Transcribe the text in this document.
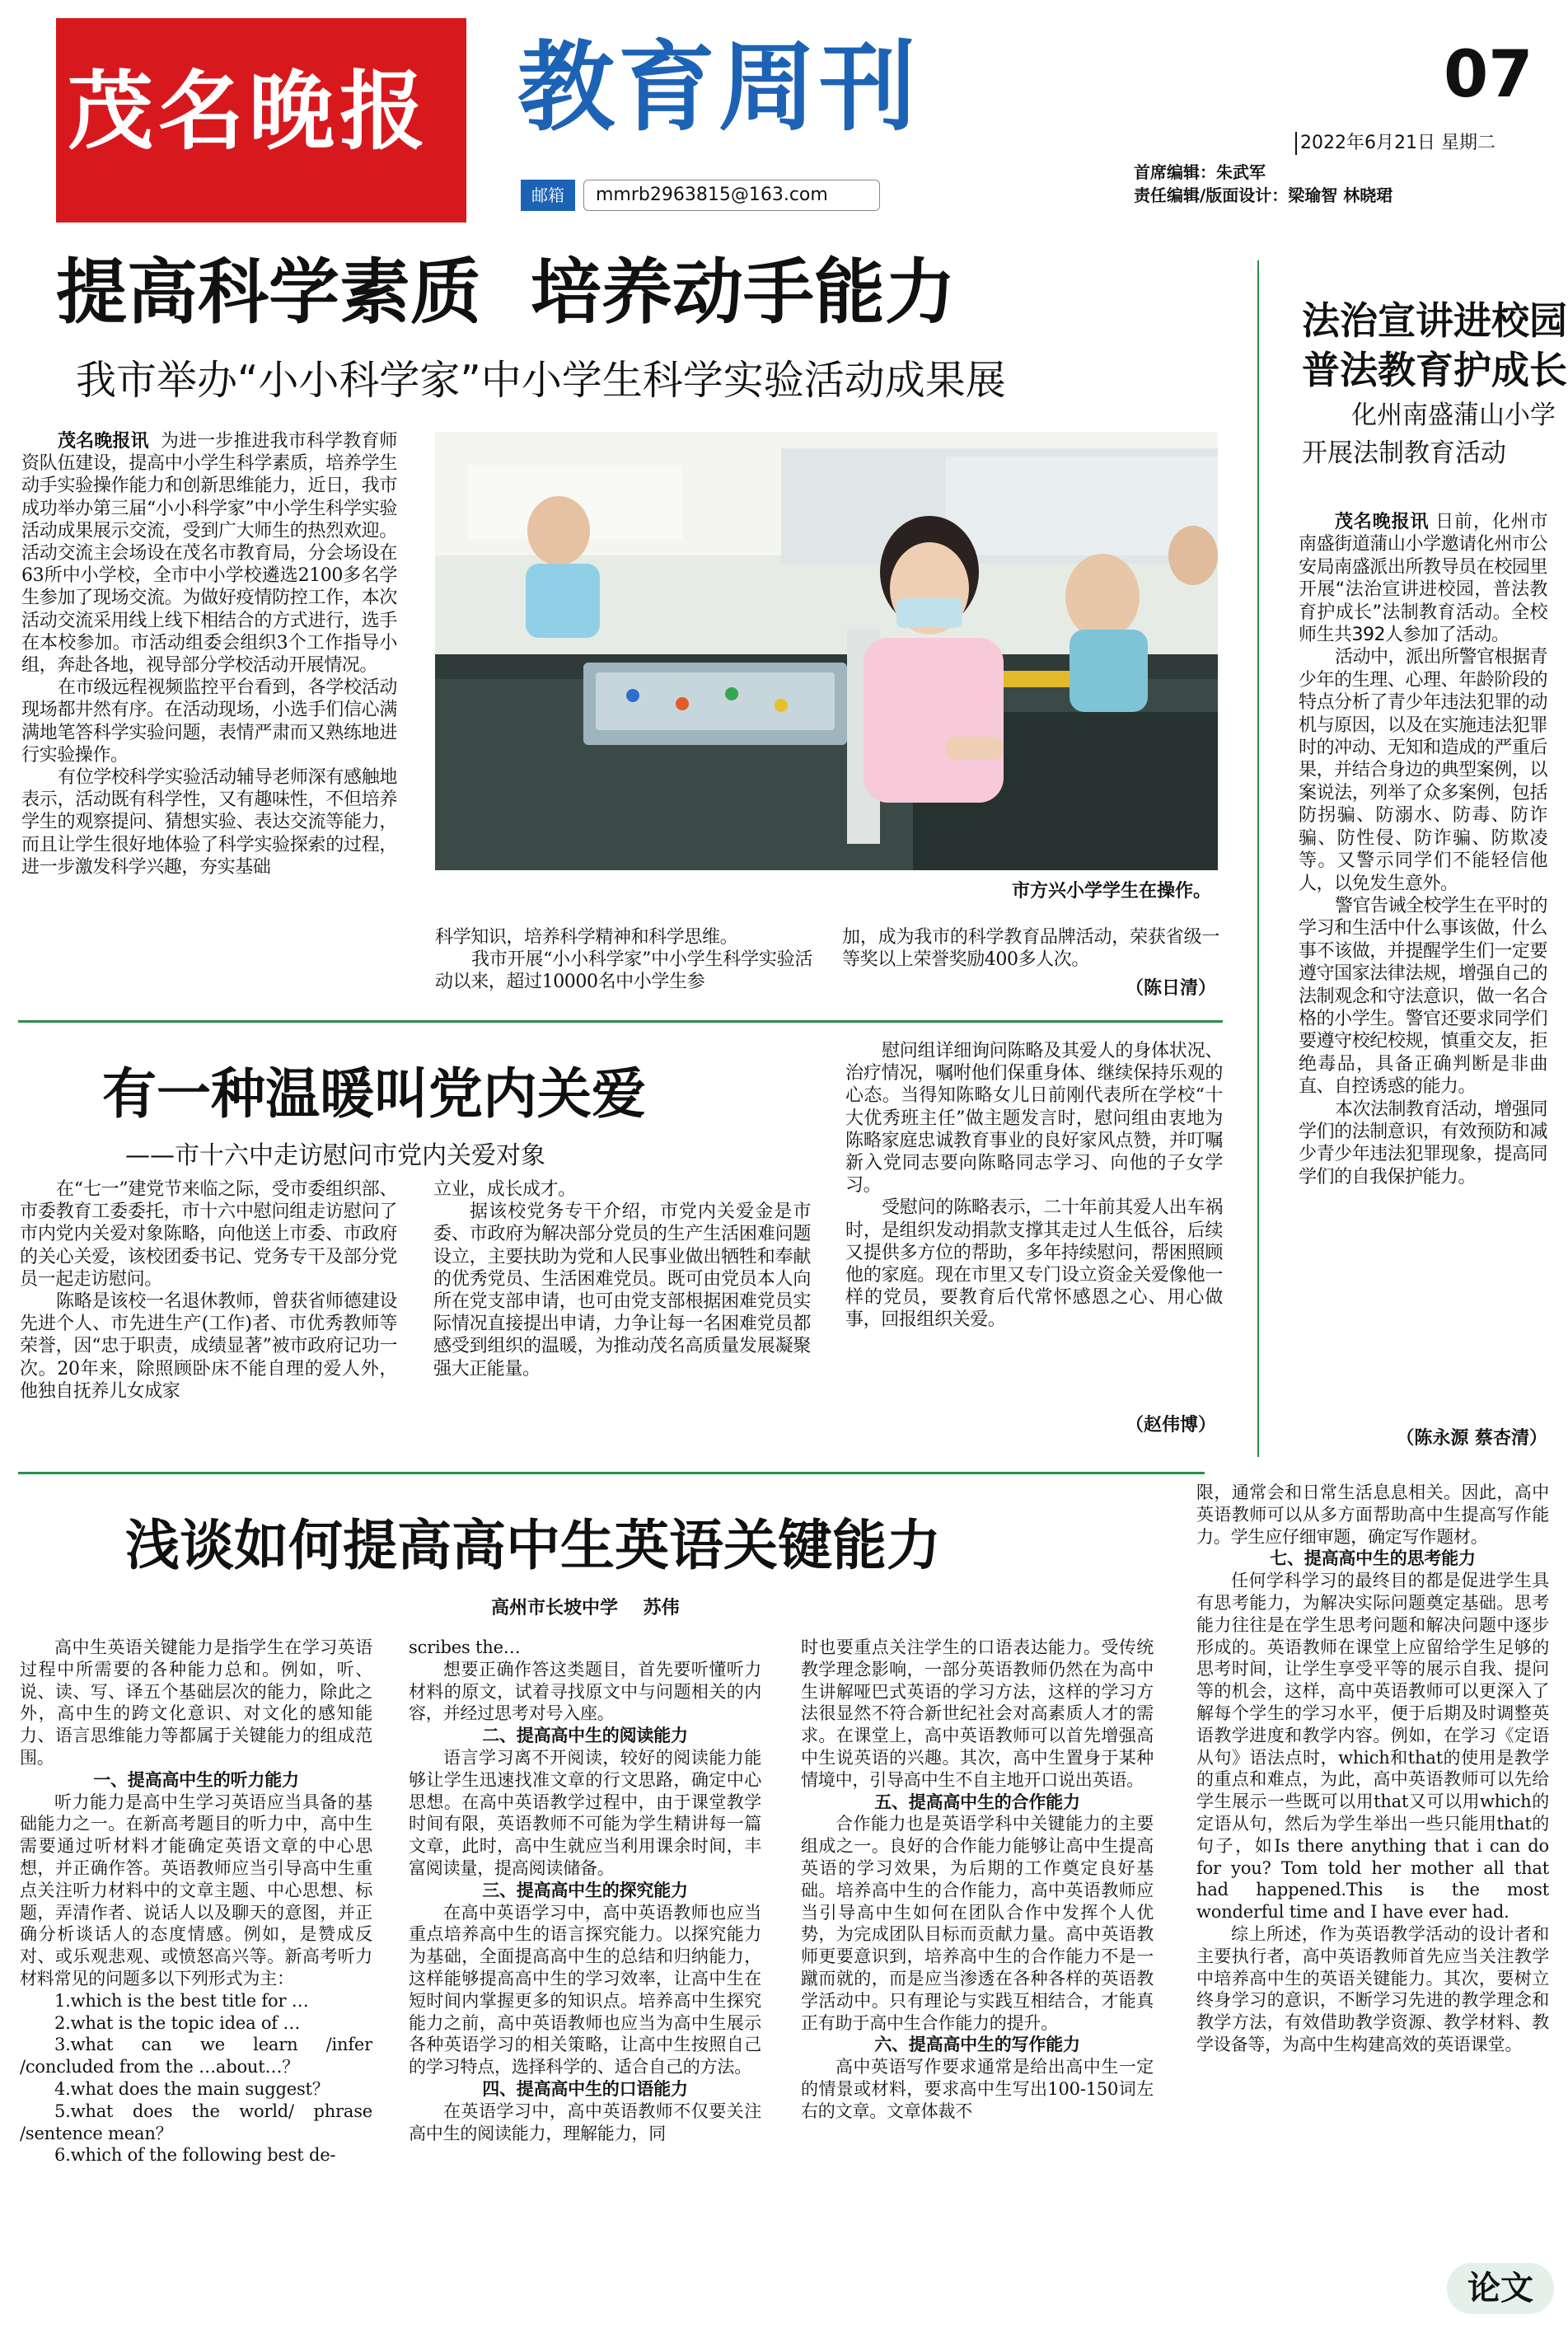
茂名晚报 教育周刊
邮箱	mmrb2963815@163.com
07
2022年6月21日 星期二
首席编辑：朱武军
责任编辑/版面设计：梁瑜智 林晓珺
提高科学素质  培养动手能力
我市举办“小小科学家”中小学生科学实验活动成果展

茂名晚报讯 为进一步推进我市科学教育师资队伍建设，提高中小学生科学素质，培养学生动手实验操作能力和创新思维能力，近日，我市成功举办第三届“小小科学家”中小学生科学实验活动成果展示交流，受到广大师生的热烈欢迎。活动交流主会场设在茂名市教育局，分会场设在63所中小学校，全市中小学校遴选2100多名学生参加了现场交流。为做好疫情防控工作，本次活动交流采用线上线下相结合的方式进行，选手在本校参加。市活动组委会组织3个工作指导小组，奔赴各地，视导部分学校活动开展情况。

在市级远程视频监控平台看到，各学校活动现场都井然有序。在活动现场，小选手们信心满满地笔答科学实验问题，表情严肃而又熟练地进行实验操作。

有位学校科学实验活动辅导老师深有感触地表示，活动既有科学性，又有趣味性，不但培养学生的观察提问、猜想实验、表达交流等能力，而且让学生很好地体验了科学实验探索的过程，进一步激发科学兴趣，夯实基础

市方兴小学学生在操作。

科学知识，培养科学精神和科学思维。

我市开展“小小科学家”中小学生科学实验活动以来，超过10000名中小学生参

加，成为我市的科学教育品牌活动，荣获省级一等奖以上荣誉奖励400多人次。

（陈日清）
有一种温暖叫党内关爱
——市十六中走访慰问市党内关爱对象

在“七一”建党节来临之际，受市委组织部、市委教育工委委托，市十六中慰问组走访慰问了市内党内关爱对象陈略，向他送上市委、市政府的关心关爱，该校团委书记、党务专干及部分党员一起走访慰问。

陈略是该校一名退休教师，曾获省师德建设先进个人、市先进生产(工作)者、市优秀教师等荣誉，因“忠于职责，成绩显著”被市政府记功一次。20年来，除照顾卧床不能自理的爱人外，他独自抚养儿女成家

立业，成长成才。

据该校党务专干介绍，市党内关爱金是市委、市政府为解决部分党员的生产生活困难问题设立，主要扶助为党和人民事业做出牺牲和奉献的优秀党员、生活困难党员。既可由党员本人向所在党支部申请，也可由党支部根据困难党员实际情况直接提出申请，力争让每一名困难党员都感受到组织的温暖，为推动茂名高质量发展凝聚强大正能量。

慰问组详细询问陈略及其爱人的身体状况、治疗情况，嘱咐他们保重身体、继续保持乐观的心态。当得知陈略女儿日前刚代表所在学校“十大优秀班主任”做主题发言时，慰问组由衷地为陈略家庭忠诚教育事业的良好家风点赞，并叮嘱新入党同志要向陈略同志学习、向他的子女学习。

受慰问的陈略表示，二十年前其爱人出车祸时，是组织发动捐款支撑其走过人生低谷，后续又提供多方位的帮助，多年持续慰问，帮困照顾他的家庭。现在市里又专门设立资金关爱像他一样的党员，要教育后代常怀感恩之心、用心做事，回报组织关爱。

（赵伟博）
法治宣讲进校园
普法教育护成长
化州南盛蒲山小学
开展法制教育活动

茂名晚报讯 日前，化州市南盛街道蒲山小学邀请化州市公安局南盛派出所教导员在校园里开展“法治宣讲进校园，普法教育护成长”法制教育活动。全校师生共392人参加了活动。

活动中，派出所警官根据青少年的生理、心理、年龄阶段的特点分析了青少年违法犯罪的动机与原因，以及在实施违法犯罪时的冲动、无知和造成的严重后果，并结合身边的典型案例，以案说法，列举了众多案例，包括防拐骗、防溺水、防毒、防诈骗、防性侵、防诈骗、防欺凌等。又警示同学们不能轻信他人，以免发生意外。

警官告诫全校学生在平时的学习和生活中什么事该做，什么事不该做，并提醒学生们一定要遵守国家法律法规，增强自己的法制观念和守法意识，做一名合格的小学生。警官还要求同学们要遵守校纪校规，慎重交友，拒绝毒品，具备正确判断是非曲直、自控诱惑的能力。

本次法制教育活动，增强同学们的法制意识，有效预防和减少青少年违法犯罪现象，提高同学们的自我保护能力。

（陈永源 蔡杏清）
浅谈如何提高高中生英语关键能力
高州市长坡中学    苏伟

高中生英语关键能力是指学生在学习英语过程中所需要的各种能力总和。例如，听、说、读、写、译五个基础层次的能力，除此之外，高中生的跨文化意识、对文化的感知能力、语言思维能力等都属于关键能力的组成范围。

一、提高高中生的听力能力

听力能力是高中生学习英语应当具备的基础能力之一。在新高考题目的听力中，高中生需要通过听材料才能确定英语文章的中心思想，并正确作答。英语教师应当引导高中生重点关注听力材料中的文章主题、中心思想、标题，弄清作者、说话人以及聊天的意图，并正确分析谈话人的态度情感。例如，是赞成反对、或乐观悲观、或愤怒高兴等。新高考听力材料常见的问题多以下列形式为主：

1.which is the best title for …

2.what is the topic idea of …

3.what can we learn /infer /concluded from the …about…？

4.what does the main suggest？

5.what does the world/ phrase /sentence mean？

6.which of the following best de-

scribes the…

想要正确作答这类题目，首先要听懂听力材料的原文，试着寻找原文中与问题相关的内容，并经过思考对号入座。

二、提高高中生的阅读能力

语言学习离不开阅读，较好的阅读能力能够让学生迅速找准文章的行文思路，确定中心思想。在高中英语教学过程中，由于课堂教学时间有限，英语教师不可能为学生精讲每一篇文章，此时，高中生就应当利用课余时间，丰富阅读量，提高阅读储备。

三、提高高中生的探究能力

在高中英语学习中，高中英语教师也应当重点培养高中生的语言探究能力。以探究能力为基础，全面提高高中生的总结和归纳能力，这样能够提高高中生的学习效率，让高中生在短时间内掌握更多的知识点。培养高中生探究能力之前，高中英语教师也应当为高中生展示各种英语学习的相关策略，让高中生按照自己的学习特点，选择科学的、适合自己的方法。

四、提高高中生的口语能力

在英语学习中，高中英语教师不仅要关注高中生的阅读能力，理解能力，同

时也要重点关注学生的口语表达能力。受传统教学理念影响，一部分英语教师仍然在为高中生讲解哑巴式英语的学习方法，这样的学习方法很显然不符合新世纪社会对高素质人才的需求。在课堂上，高中英语教师可以首先增强高中生说英语的兴趣。其次，高中生置身于某种情境中，引导高中生不自主地开口说出英语。

五、提高高中生的合作能力

合作能力也是英语学科中关键能力的主要组成之一。良好的合作能力能够让高中生提高英语的学习效果，为后期的工作奠定良好基础。培养高中生的合作能力，高中英语教师应当引导高中生如何在团队合作中发挥个人优势，为完成团队目标而贡献力量。高中英语教师更要意识到，培养高中生的合作能力不是一蹴而就的，而是应当渗透在各种各样的英语教学活动中。只有理论与实践互相结合，才能真正有助于高中生合作能力的提升。

六、提高高中生的写作能力

高中英语写作要求通常是给出高中生一定的情景或材料，要求高中生写出100-150词左右的文章。文章体裁不

限，通常会和日常生活息息相关。因此，高中英语教师可以从多方面帮助高中生提高写作能力。学生应仔细审题，确定写作题材。

七、提高高中生的思考能力

任何学科学习的最终目的都是促进学生具有思考能力，为解决实际问题奠定基础。思考能力往往是在学生思考问题和解决问题中逐步形成的。英语教师在课堂上应留给学生足够的思考时间，让学生享受平等的展示自我、提问等的机会，这样，高中英语教师可以更深入了解每个学生的学习水平，便于后期及时调整英语教学进度和教学内容。例如，在学习《定语从句》语法点时，which和that的使用是教学的重点和难点，为此，高中英语教师可以先给学生展示一些既可以用that又可以用which的定语从句，然后为学生举出一些只能用that的句子，如Is there anything that i can do for you? Tom told her mother all that had happened.This is the most wonderful time and I have ever had.

综上所述，作为英语教学活动的设计者和主要执行者，高中英语教师首先应当关注教学中培养高中生的英语关键能力。其次，要树立终身学习的意识，不断学习先进的教学理念和教学方法，有效借助教学资源、教学材料、教学设备等，为高中生构建高效的英语课堂。

论文
